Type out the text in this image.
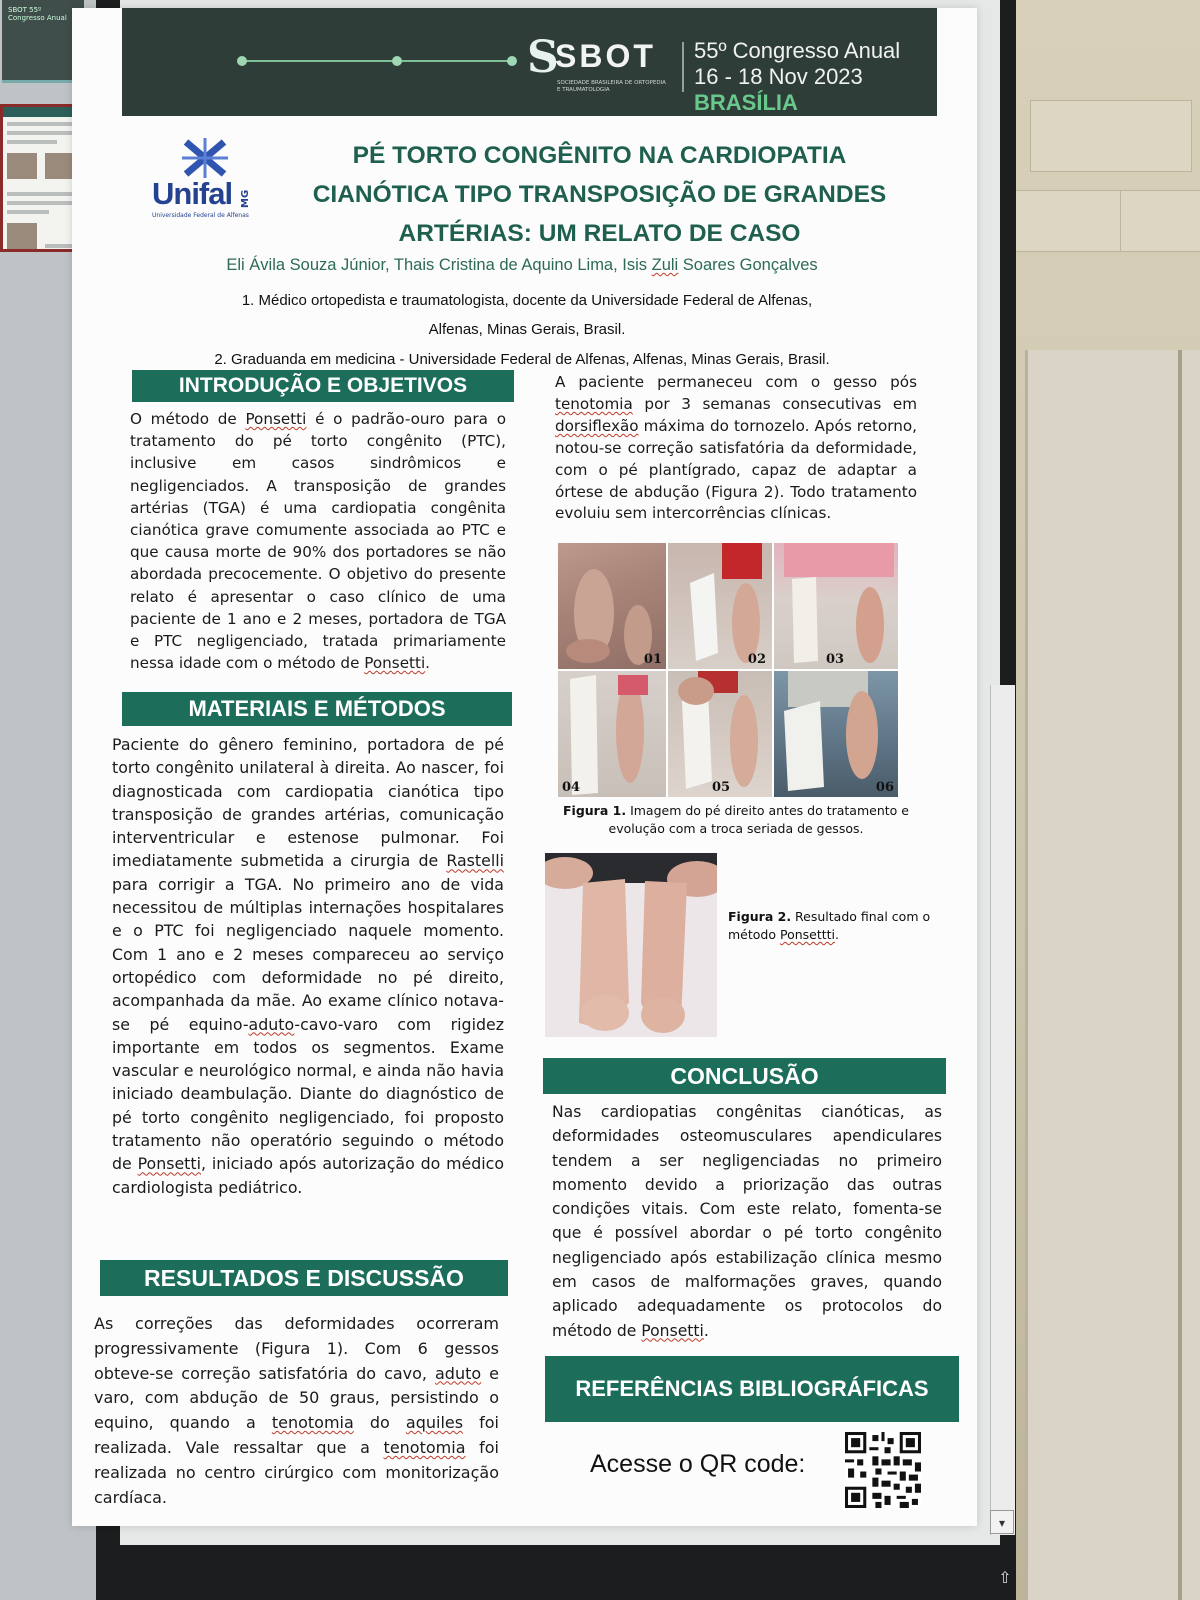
SBOT 55º Congresso Anual
▾
⇧
S
SBOT
SOCIEDADE BRASILEIRA DE ORTOPEDIA E TRAUMATOLOGIA
55º Congresso Anual
16 - 18 Nov 2023 BRASÍLIA
Unifal MG
Universidade Federal de Alfenas
PÉ TORTO CONGÊNITO NA CARDIOPATIA
CIANÓTICA TIPO TRANSPOSIÇÃO DE GRANDES
ARTÉRIAS: UM RELATO DE CASO
Eli Ávila Souza Júnior, Thais Cristina de Aquino Lima, Isis Zuli Soares Gonçalves
1. Médico ortopedista e traumatologista, docente da Universidade Federal de Alfenas,
Alfenas, Minas Gerais, Brasil.
2. Graduanda em medicina - Universidade Federal de Alfenas, Alfenas, Minas Gerais, Brasil.
INTRODUÇÃO E OBJETIVOS
O método de Ponsetti é o padrão-ouro para o tratamento do pé torto congênito (PTC), inclusive em casos sindrômicos e negligenciados. A transposição de grandes artérias (TGA) é uma cardiopatia congênita cianótica grave comumente associada ao PTC e que causa morte de 90% dos portadores se não abordada precocemente. O objetivo do presente relato é apresentar o caso clínico de uma paciente de 1 ano e 2 meses, portadora de TGA e PTC negligenciado, tratada primariamente nessa idade com o método de Ponsetti.
MATERIAIS E MÉTODOS
Paciente do gênero feminino, portadora de pé torto congênito unilateral à direita. Ao nascer, foi diagnosticada com cardiopatia cianótica tipo transposição de grandes artérias, comunicação interventricular e estenose pulmonar. Foi imediatamente submetida a cirurgia de Rastelli para corrigir a TGA. No primeiro ano de vida necessitou de múltiplas internações hospitalares e o PTC foi negligenciado naquele momento. Com 1 ano e 2 meses compareceu ao serviço ortopédico com deformidade no pé direito, acompanhada da mãe. Ao exame clínico notava-se pé equino-aduto-cavo-varo com rigidez importante em todos os segmentos. Exame vascular e neurológico normal, e ainda não havia iniciado deambulação. Diante do diagnóstico de pé torto congênito negligenciado, foi proposto tratamento não operatório seguindo o método de Ponsetti, iniciado após autorização do médico cardiologista pediátrico.
RESULTADOS E DISCUSSÃO
As correções das deformidades ocorreram progressivamente (Figura 1). Com 6 gessos obteve-se correção satisfatória do cavo, aduto e varo, com abdução de 50 graus, persistindo o equino, quando a tenotomia do aquiles foi realizada. Vale ressaltar que a tenotomia foi realizada no centro cirúrgico com monitorização cardíaca.
A paciente permaneceu com o gesso pós tenotomia por 3 semanas consecutivas em dorsiflexão máxima do tornozelo. Após retorno, notou-se correção satisfatória da deformidade, com o pé plantígrado, capaz de adaptar a órtese de abdução (Figura 2). Todo tratamento evoluiu sem intercorrências clínicas.
01	02	03
04	05	06
Figura 1. Imagem do pé direito antes do tratamento e evolução com a troca seriada de gessos.
Figura 2. Resultado final com o método Ponsettti.
CONCLUSÃO
Nas cardiopatias congênitas cianóticas, as deformidades osteomusculares apendiculares tendem a ser negligenciadas no primeiro momento devido a priorização das outras condições vitais. Com este relato, fomenta-se que é possível abordar o pé torto congênito negligenciado após estabilização clínica mesmo em casos de malformações graves, quando aplicado adequadamente os protocolos do método de Ponsetti.
REFERÊNCIAS BIBLIOGRÁFICAS
Acesse o QR code:
